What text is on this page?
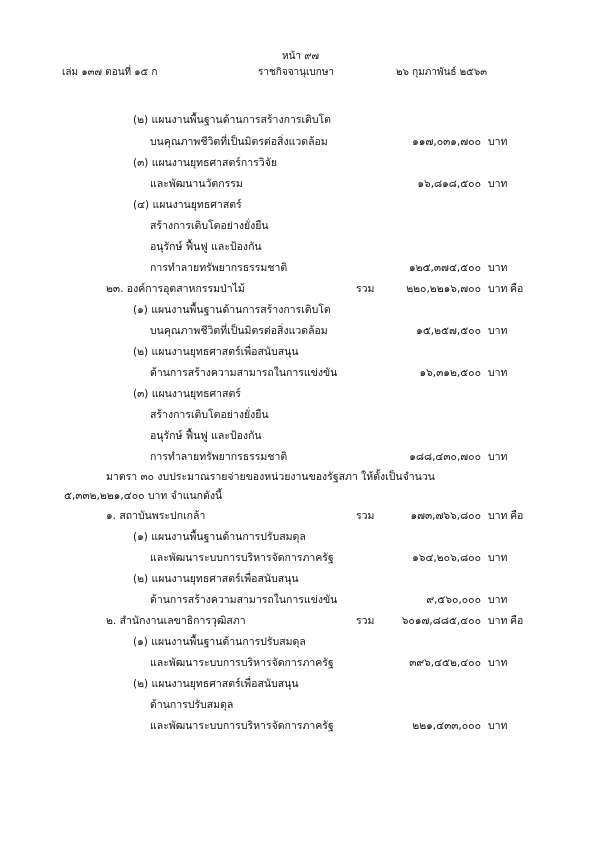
หน้า ๙๗
เล่ม ๑๓๗ ตอนที่ ๑๕ ก	ราชกิจจานุเบกษา	๒๖ กุมภาพันธ์ ๒๕๖๓
(๒) แผนงานพื้นฐานด้านการสร้างการเติบโต
บนคุณภาพชีวิตที่เป็นมิตรต่อสิ่งแวดล้อม	๑๑๗,๐๓๑,๗๐๐ บาท
(๓) แผนงานยุทธศาสตร์การวิจัย
และพัฒนานวัตกรรม	๑๖,๘๑๘,๕๐๐ บาท
(๔) แผนงานยุทธศาสตร์
สร้างการเติบโตอย่างยั่งยืน
อนุรักษ์ ฟื้นฟู และป้องกัน
การทำลายทรัพยากรธรรมชาติ	๑๒๕,๓๗๔,๕๐๐ บาท
๒๓. องค์การอุตสาหกรรมป่าไม้	รวม	๒๒๐,๒๒๑๖,๗๐๐ บาท คือ
(๑) แผนงานพื้นฐานด้านการสร้างการเติบโต
บนคุณภาพชีวิตที่เป็นมิตรต่อสิ่งแวดล้อม	๑๕,๒๕๗,๕๐๐ บาท
(๒) แผนงานยุทธศาสตร์เพื่อสนับสนุน
ด้านการสร้างความสามารถในการแข่งขัน	๑๖,๓๑๒,๕๐๐ บาท
(๓) แผนงานยุทธศาสตร์
สร้างการเติบโตอย่างยั่งยืน
อนุรักษ์ ฟื้นฟู และป้องกัน
การทำลายทรัพยากรธรรมชาติ	๑๘๘,๔๓๐,๗๐๐ บาท
มาตรา ๓๐ งบประมาณรายจ่ายของหน่วยงานของรัฐสภา ให้ตั้งเป็นจำนวน
๕,๓๓๒,๒๒๑,๔๐๐ บาท จำแนกดังนี้
๑. สถาบันพระปกเกล้า	รวม	๑๗๓,๗๖๖,๘๐๐ บาท คือ
(๑) แผนงานพื้นฐานด้านการปรับสมดุล
และพัฒนาระบบการบริหารจัดการภาครัฐ	๑๖๔,๒๐๖,๘๐๐ บาท
(๒) แผนงานยุทธศาสตร์เพื่อสนับสนุน
ด้านการสร้างความสามารถในการแข่งขัน	๙,๕๖๐,๐๐๐ บาท
๒. สำนักงานเลขาธิการวุฒิสภา	รวม	๖๐๑๗,๘๘๕,๔๐๐ บาท คือ
(๑) แผนงานพื้นฐานด้านการปรับสมดุล
และพัฒนาระบบการบริหารจัดการภาครัฐ	๓๙๖,๔๕๒,๔๐๐ บาท
(๒) แผนงานยุทธศาสตร์เพื่อสนับสนุน
ด้านการปรับสมดุล
และพัฒนาระบบการบริหารจัดการภาครัฐ	๒๒๑,๔๓๓,๐๐๐ บาท
